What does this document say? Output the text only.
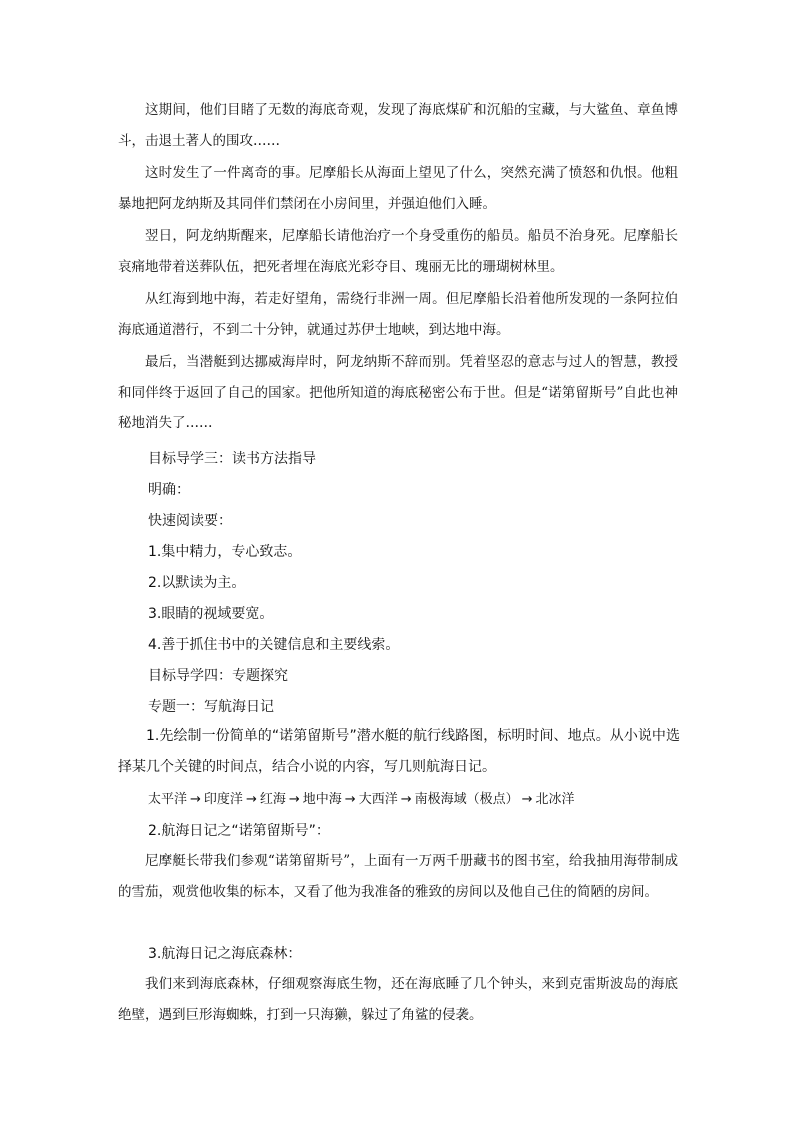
这期间，他们目睹了无数的海底奇观，发现了海底煤矿和沉船的宝藏，与大鲨鱼、章鱼博斗，击退土著人的围攻……

这时发生了一件离奇的事。尼摩船长从海面上望见了什么，突然充满了愤怒和仇恨。他粗暴地把阿龙纳斯及其同伴们禁闭在小房间里，并强迫他们入睡。

翌日，阿龙纳斯醒来，尼摩船长请他治疗一个身受重伤的船员。船员不治身死。尼摩船长哀痛地带着送葬队伍，把死者埋在海底光彩夺目、瑰丽无比的珊瑚树林里。

从红海到地中海，若走好望角，需绕行非洲一周。但尼摩船长沿着他所发现的一条阿拉伯海底通道潜行，不到二十分钟，就通过苏伊士地峡，到达地中海。

最后，当潜艇到达挪威海岸时，阿龙纳斯不辞而别。凭着坚忍的意志与过人的智慧，教授和同伴终于返回了自己的国家。把他所知道的海底秘密公布于世。但是“诺第留斯号”自此也神秘地消失了……

目标导学三：读书方法指导

明确：

快速阅读要：

1.集中精力，专心致志。

2.以默读为主。

3.眼睛的视域要宽。

4.善于抓住书中的关键信息和主要线索。

目标导学四：专题探究

专题一：写航海日记

1.先绘制一份简单的“诺第留斯号”潜水艇的航行线路图，标明时间、地点。从小说中选择某几个关键的时间点，结合小说的内容，写几则航海日记。

太平洋 → 印度洋 → 红海 → 地中海 → 大西洋 → 南极海域（极点） → 北冰洋

2.航海日记之“诺第留斯号”：

尼摩艇长带我们参观“诺第留斯号”，上面有一万两千册藏书的图书室，给我抽用海带制成的雪茄，观赏他收集的标本，又看了他为我准备的雅致的房间以及他自己住的简陋的房间。

3.航海日记之海底森林：

我们来到海底森林，仔细观察海底生物，还在海底睡了几个钟头，来到克雷斯波岛的海底绝壁，遇到巨形海蜘蛛，打到一只海獭，躲过了角鲨的侵袭。
